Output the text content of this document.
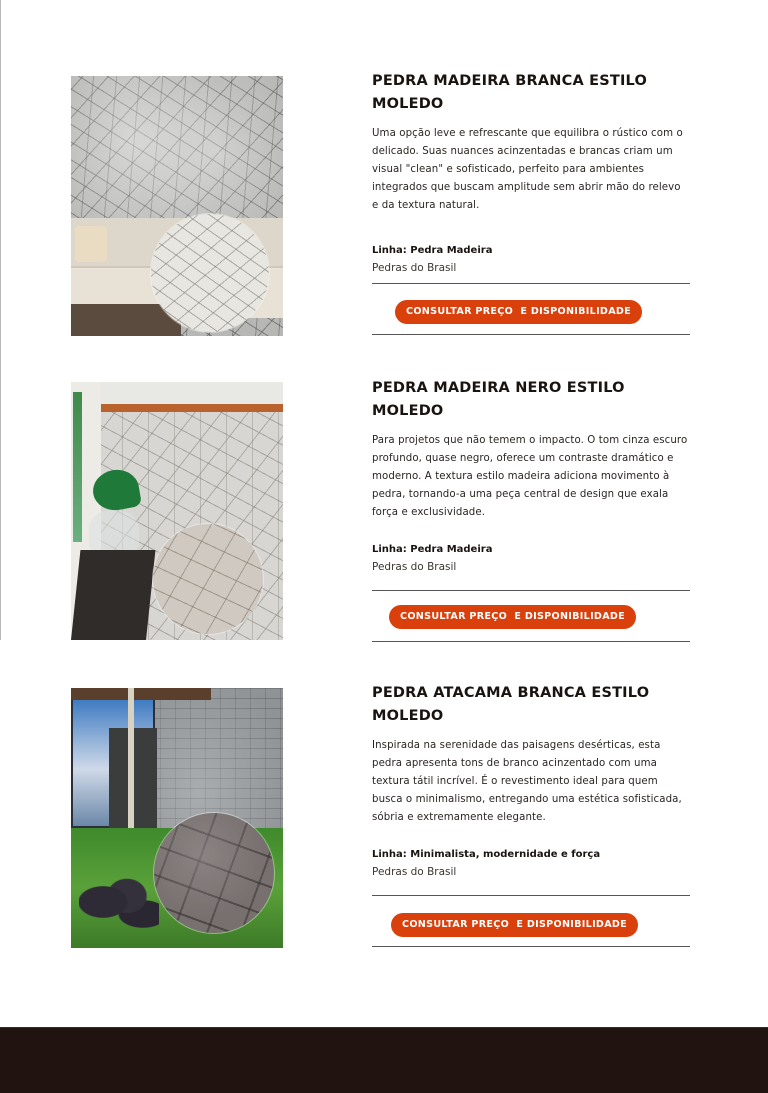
PEDRA MADEIRA BRANCA ESTILO MOLEDO

Uma opção leve e refrescante que equilibra o rústico com o delicado. Suas nuances acinzentadas e brancas criam um visual "clean" e sofisticado, perfeito para ambientes integrados que buscam amplitude sem abrir mão do relevo e da textura natural.

Linha: Pedra Madeira
Pedras do Brasil
CONSULTAR PREÇO  E DISPONIBILIDADE
PEDRA MADEIRA NERO ESTILO MOLEDO

Para projetos que não temem o impacto. O tom cinza escuro profundo, quase negro, oferece um contraste dramático e moderno. A textura estilo madeira adiciona movimento à pedra, tornando-a uma peça central de design que exala força e exclusividade.

Linha: Pedra Madeira
Pedras do Brasil
CONSULTAR PREÇO  E DISPONIBILIDADE
PEDRA ATACAMA BRANCA ESTILO MOLEDO

Inspirada na serenidade das paisagens desérticas, esta pedra apresenta tons de branco acinzentado com uma textura tátil incrível. É o revestimento ideal para quem busca o minimalismo, entregando uma estética sofisticada, sóbria e extremamente elegante.

Linha: Minimalista, modernidade e força
Pedras do Brasil
CONSULTAR PREÇO  E DISPONIBILIDADE
